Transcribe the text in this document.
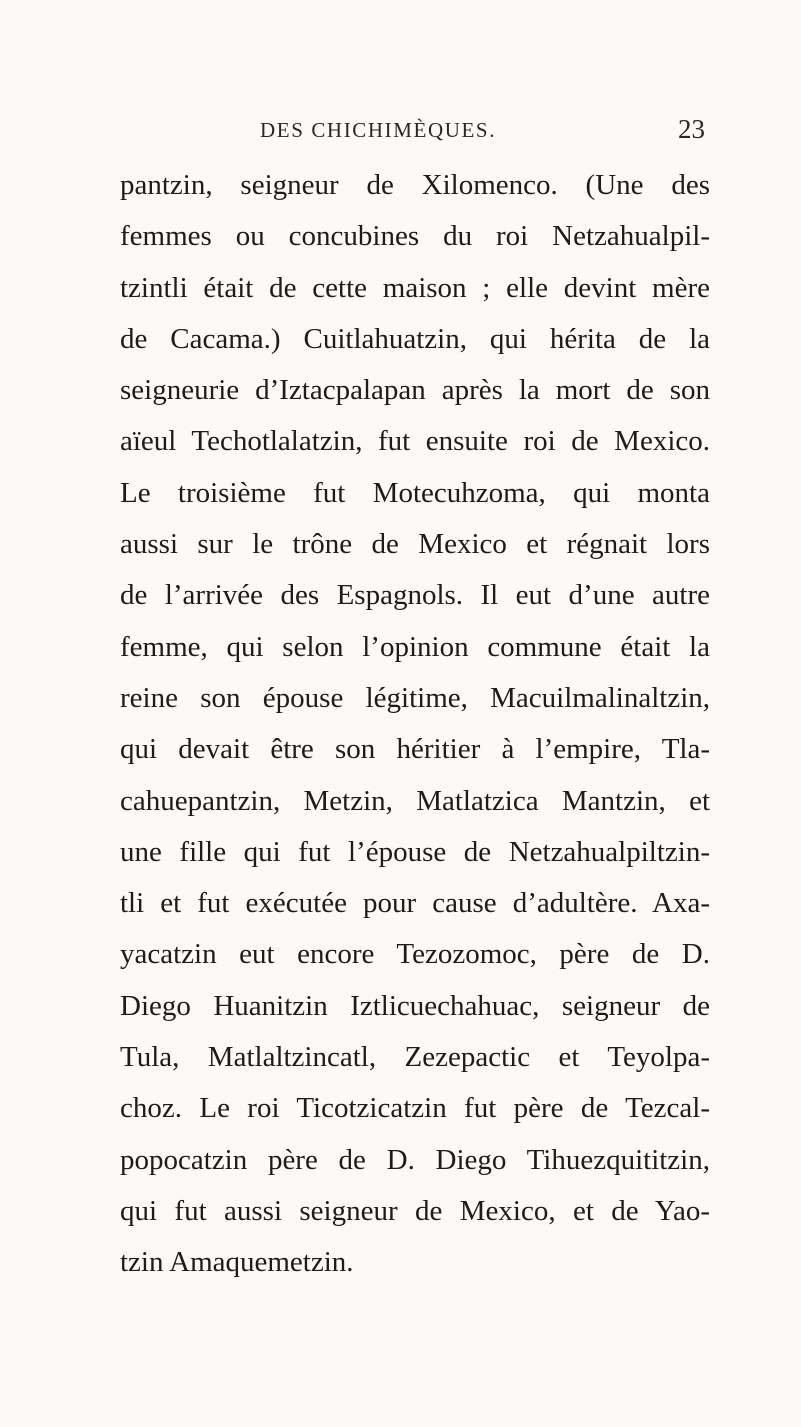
DES CHICHIMÈQUES.	23
pantzin, seigneur de Xilomenco. (Une des
femmes ou concubines du roi Netzahualpil-
tzintli était de cette maison ; elle devint mère
de Cacama.) Cuitlahuatzin, qui hérita de la
seigneurie d’Iztacpalapan après la mort de son
aïeul Techotlalatzin, fut ensuite roi de Mexico.
Le troisième fut Motecuhzoma, qui monta
aussi sur le trône de Mexico et régnait lors
de l’arrivée des Espagnols. Il eut d’une autre
femme, qui selon l’opinion commune était la
reine son épouse légitime, Macuilmalinaltzin,
qui devait être son héritier à l’empire, Tla-
cahuepantzin, Metzin, Matlatzica Mantzin, et
une fille qui fut l’épouse de Netzahualpiltzin-
tli et fut exécutée pour cause d’adultère. Axa-
yacatzin eut encore Tezozomoc, père de D.
Diego Huanitzin Iztlicuechahuac, seigneur de
Tula, Matlaltzincatl, Zezepactic et Teyolpa-
choz. Le roi Ticotzicatzin fut père de Tezcal-
popocatzin père de D. Diego Tihuezquititzin,
qui fut aussi seigneur de Mexico, et de Yao-
tzin Amaquemetzin.
